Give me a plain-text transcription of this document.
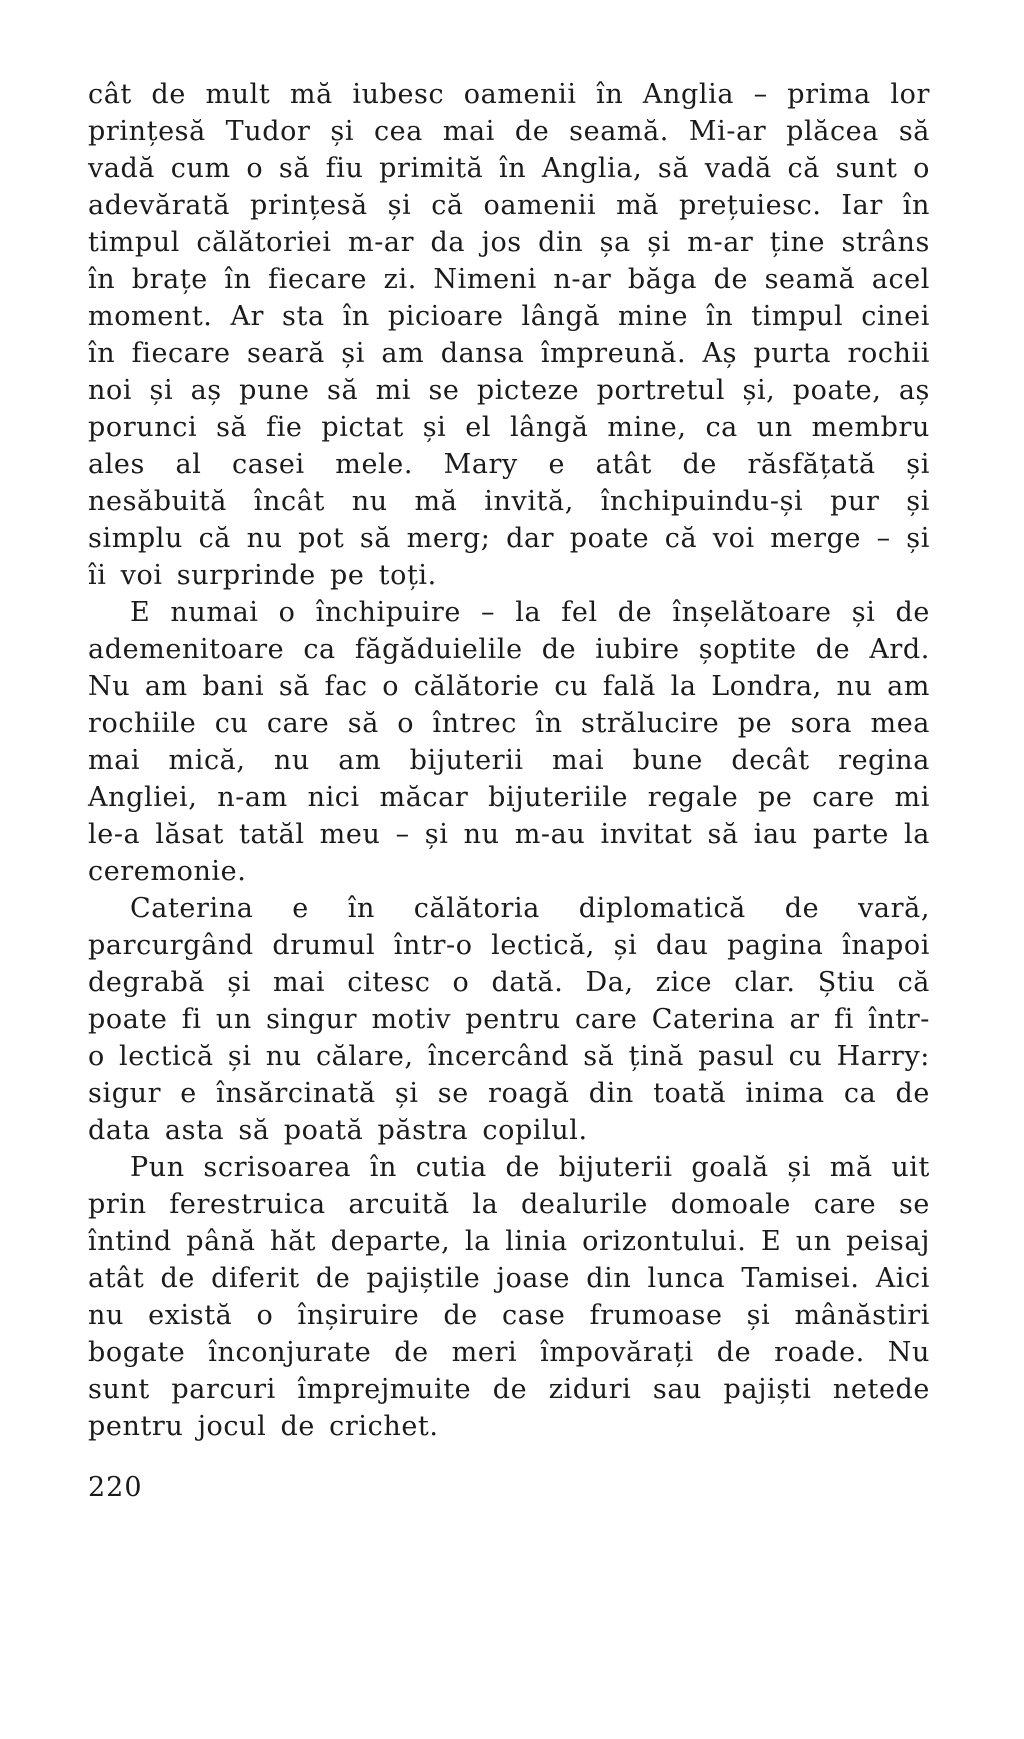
cât de mult mă iubesc oamenii în Anglia – prima lor prințesă Tudor și cea mai de seamă. Mi-ar plăcea să vadă cum o să fiu primită în Anglia, să vadă că sunt o adevărată prințesă și că oamenii mă prețuiesc. Iar în timpul călătoriei m-ar da jos din șa și m-ar ține strâns în brațe în fiecare zi. Nimeni n-ar băga de seamă acel moment. Ar sta în picioare lângă mine în timpul cinei în fiecare seară și am dansa împreună. Aș purta rochii noi și aș pune să mi se picteze portretul și, poate, aș porunci să fie pictat și el lângă mine, ca un membru ales al casei mele. Mary e atât de răsfățată și nesăbuită încât nu mă invită, închipuindu-și pur și simplu că nu pot să merg; dar poate că voi merge – și îi voi surprinde pe toți.

E numai o închipuire – la fel de înșelătoare și de ademenitoare ca făgăduielile de iubire șoptite de Ard. Nu am bani să fac o călătorie cu fală la Londra, nu am rochiile cu care să o întrec în strălucire pe sora mea mai mică, nu am bijuterii mai bune decât regina Angliei, n-am nici măcar bijuteriile regale pe care mi le-a lăsat tatăl meu – și nu m-au invitat să iau parte la ceremonie.

Caterina e în călătoria diplomatică de vară, parcurgând drumul într-o lectică, și dau pagina înapoi degrabă și mai citesc o dată. Da, zice clar. Știu că poate fi un singur motiv pentru care Caterina ar fi într-o lectică și nu călare, încercând să țină pasul cu Harry: sigur e însărcinată și se roagă din toată inima ca de data asta să poată păstra copilul.

Pun scrisoarea în cutia de bijuterii goală și mă uit prin ferestruica arcuită la dealurile domoale care se întind până hăt departe, la linia orizontului. E un peisaj atât de diferit de pajiștile joase din lunca Tamisei. Aici nu există o înșiruire de case frumoase și mânăstiri bogate înconjurate de meri împovărați de roade. Nu sunt parcuri împrejmuite de ziduri sau pajiști netede pentru jocul de crichet.

220
